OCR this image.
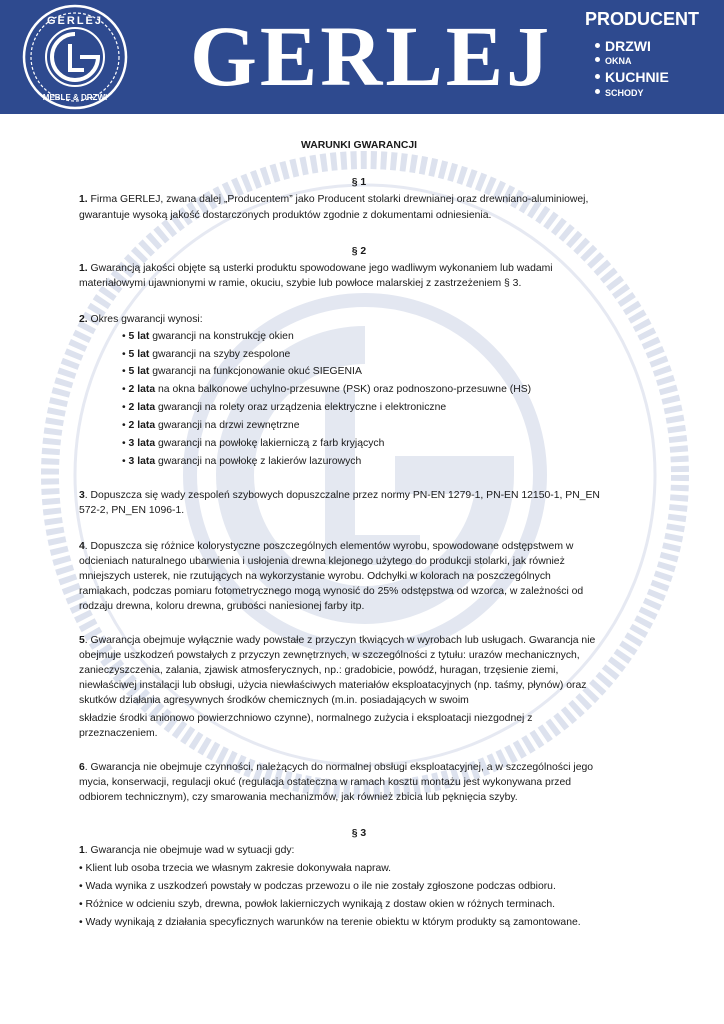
GERLEJ
MEBLE & DRZWI GERLEJ PRODUCENT
DRZWI
OKNA
KUCHNIE
SCHODY
WARUNKI GWARANCJI
§ 1
1. Firma GERLEJ, zwana dalej „Producentem” jako Producent stolarki drewnianej oraz drewniano-aluminiowej,
gwarantuje wysoką jakość dostarczonych produktów zgodnie z dokumentami odniesienia.
§ 2
1. Gwarancją jakości objęte są usterki produktu spowodowane jego wadliwym wykonaniem lub wadami
materiałowymi ujawnionymi w ramie, okuciu, szybie lub powłoce malarskiej z zastrzeżeniem § 3.
2. Okres gwarancji wynosi:
• 5 lat gwarancji na konstrukcję okien
• 5 lat gwarancji na szyby zespolone
• 5 lat gwarancji na funkcjonowanie okuć SIEGENIA
• 2 lata na okna balkonowe uchylno-przesuwne (PSK) oraz podnoszono-przesuwne (HS)
• 2 lata gwarancji na rolety oraz urządzenia elektryczne i elektroniczne
• 2 lata gwarancji na drzwi zewnętrzne
• 3 lata gwarancji na powłokę lakierniczą z farb kryjących
• 3 lata gwarancji na powłokę z lakierów lazurowych
3. Dopuszcza się wady zespoleń szybowych dopuszczalne przez normy PN-EN 1279-1, PN-EN 12150-1, PN_EN
572-2, PN_EN 1096-1.
4. Dopuszcza się różnice kolorystyczne poszczególnych elementów wyrobu, spowodowane odstępstwem w
odcieniach naturalnego ubarwienia i usłojenia drewna klejonego użytego do produkcji stolarki, jak również
mniejszych usterek, nie rzutujących na wykorzystanie wyrobu. Odchyłki w kolorach na poszczególnych
ramiakach, podczas pomiaru fotometrycznego mogą wynosić do 25% odstępstwa od wzorca, w zależności od
rodzaju drewna, koloru drewna, grubości naniesionej farby itp.
5. Gwarancja obejmuje wyłącznie wady powstałe z przyczyn tkwiących w wyrobach lub usługach. Gwarancja nie
obejmuje uszkodzeń powstałych z przyczyn zewnętrznych, w szczególności z tytułu: urazów mechanicznych,
zanieczyszczenia, zalania, zjawisk atmosferycznych, np.: gradobicie, powódź, huragan, trzęsienie ziemi,
niewłaściwej instalacji lub obsługi, użycia niewłaściwych materiałów eksploatacyjnych (np. taśmy, płynów) oraz
skutków działania agresywnych środków chemicznych (m.in. posiadających w swoim
składzie środki anionowo powierzchniowo czynne), normalnego zużycia i eksploatacji niezgodnej z
przeznaczeniem.
6. Gwarancja nie obejmuje czynności, należących do normalnej obsługi eksploatacyjnej, a w szczególności jego
mycia, konserwacji, regulacji okuć (regulacja ostateczna w ramach kosztu montażu jest wykonywana przed
odbiorem technicznym), czy smarowania mechanizmów, jak również zbicia lub pęknięcia szyby.
§ 3
1. Gwarancja nie obejmuje wad w sytuacji gdy:
• Klient lub osoba trzecia we własnym zakresie dokonywała napraw.
• Wada wynika z uszkodzeń powstały w podczas przewozu o ile nie zostały zgłoszone podczas odbioru.
• Różnice w odcieniu szyb, drewna, powłok lakierniczych wynikają z dostaw okien w różnych terminach.
• Wady wynikają z działania specyficznych warunków na terenie obiektu w którym produkty są zamontowane.
